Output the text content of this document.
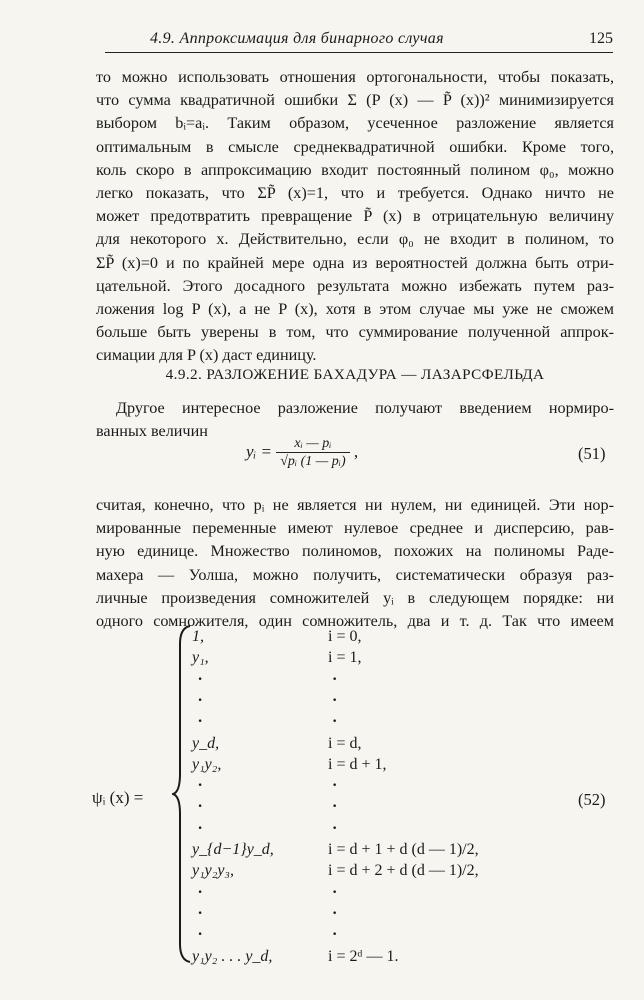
4.9. Аппроксимация для бинарного случая	125
то можно использовать отношения ортогональности, чтобы показать,
что сумма квадратичной ошибки Σ (P (x) — P̃ (x))² минимизируется
выбором bᵢ=aᵢ. Таким образом, усеченное разложение является
оптимальным в смысле среднеквадратичной ошибки. Кроме того,
коль скоро в аппроксимацию входит постоянный полином φ₀, можно
легко показать, что ΣP̃ (x)=1, что и требуется. Однако ничто не
может предотвратить превращение P̃ (x) в отрицательную величину
для некоторого x. Действительно, если φ₀ не входит в полином, то
ΣP̃ (x)=0 и по крайней мере одна из вероятностей должна быть отри-
цательной. Этого досадного результата можно избежать путем раз-
ложения log P (x), а не P (x), хотя в этом случае мы уже не сможем
больше быть уверены в том, что суммирование полученной аппрок-
симации для P (x) даст единицу.
4.9.2. РАЗЛОЖЕНИЕ БАХАДУРА — ЛАЗАРСФЕЛЬДА
Другое интересное разложение получают введением нормиро-
ванных величин
yᵢ = $\frac{\text{xᵢ — pᵢ}}{\text{√pᵢ (1 — pᵢ)}}$ ,	(51)
считая, конечно, что pᵢ не является ни нулем, ни единицей. Эти нор-
мированные переменные имеют нулевое среднее и дисперсию, рав-
ную единице. Множество полиномов, похожих на полиномы Раде-
махера — Уолша, можно получить, систематически образуя раз-
личные произведения сомножителей yᵢ в следующем порядке: ни
одного сомножителя, один сомножитель, два и т. д. Так что имеем
ψᵢ (x) =
1,	i = 0,
y₁,	i = 1,
·	·
·	·
·	·
y_d,	i = d,
y₁y₂,	i = d + 1,
·	·
·	·
·	·
y_{d−1}y_d,	i = d + 1 + d (d — 1)/2,
y₁y₂y₃,	i = d + 2 + d (d — 1)/2,
·	·
·	·
·	·
y₁y₂ . . . y_d,	i = 2ᵈ — 1.
(52)
